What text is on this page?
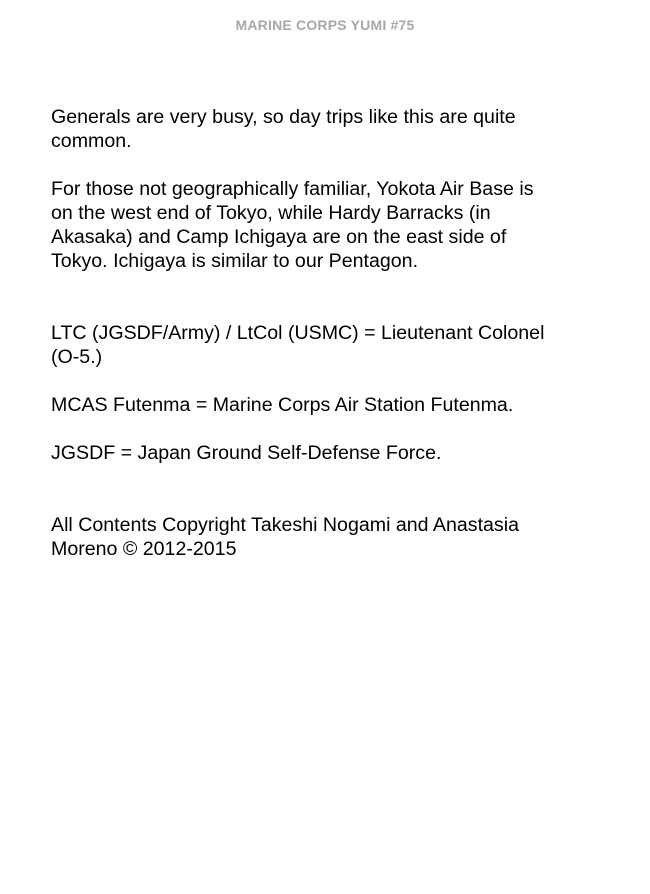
MARINE CORPS YUMI #75

Generals are very busy, so day trips like this are quite
common.

For those not geographically familiar, Yokota Air Base is
on the west end of Tokyo, while Hardy Barracks (in
Akasaka) and Camp Ichigaya are on the east side of
Tokyo. Ichigaya is similar to our Pentagon.

LTC (JGSDF/Army) / LtCol (USMC) = Lieutenant Colonel
(O-5.)

MCAS Futenma = Marine Corps Air Station Futenma.

JGSDF = Japan Ground Self-Defense Force.

All Contents Copyright Takeshi Nogami and Anastasia
Moreno © 2012-2015
